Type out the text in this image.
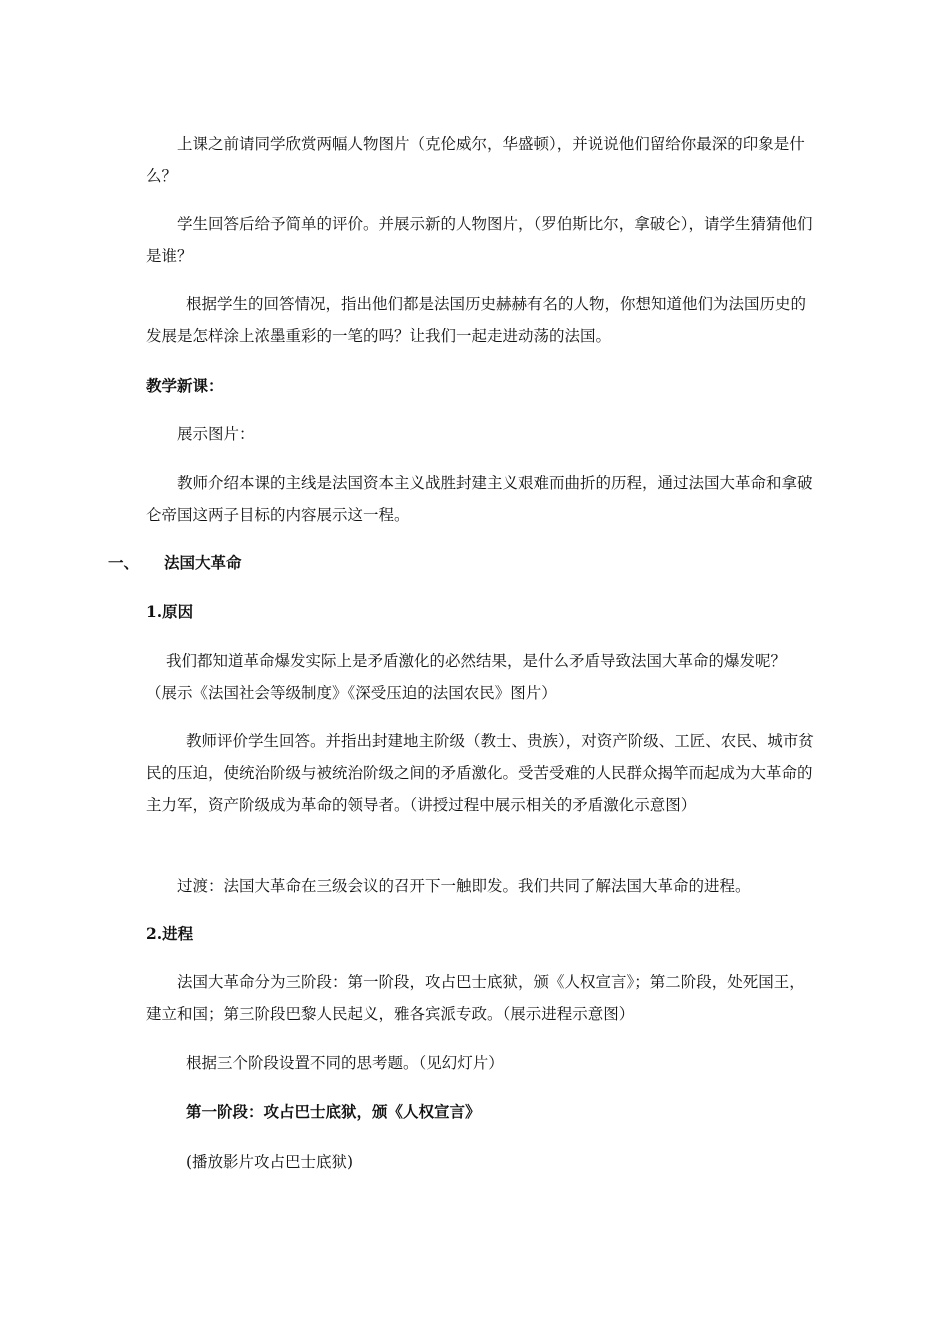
上课之前请同学欣赏两幅人物图片（克伦威尔，华盛顿），并说说他们留给你最深的印象是什么？

学生回答后给予简单的评价。并展示新的人物图片，（罗伯斯比尔，拿破仑），请学生猜猜他们是谁？

根据学生的回答情况，指出他们都是法国历史赫赫有名的人物，你想知道他们为法国历史的发展是怎样涂上浓墨重彩的一笔的吗？让我们一起走进动荡的法国。

教学新课：

展示图片：

教师介绍本课的主线是法国资本主义战胜封建主义艰难而曲折的历程，通过法国大革命和拿破仑帝国这两子目标的内容展示这一程。

一、 法国大革命
1.原因

我们都知道革命爆发实际上是矛盾激化的必然结果，是什么矛盾导致法国大革命的爆发呢？（展示《法国社会等级制度》《深受压迫的法国农民》图片）

教师评价学生回答。并指出封建地主阶级（教士、贵族），对资产阶级、工匠、农民、城市贫民的压迫，使统治阶级与被统治阶级之间的矛盾激化。受苦受难的人民群众揭竿而起成为大革命的主力军，资产阶级成为革命的领导者。（讲授过程中展示相关的矛盾激化示意图）

过渡：法国大革命在三级会议的召开下一触即发。我们共同了解法国大革命的进程。

2.进程

法国大革命分为三阶段：第一阶段，攻占巴士底狱，颁《人权宣言》；第二阶段，处死国王，建立和国；第三阶段巴黎人民起义，雅各宾派专政。（展示进程示意图）

根据三个阶段设置不同的思考题。（见幻灯片）
第一阶段：攻占巴士底狱，颁《人权宣言》
(播放影片攻占巴士底狱)
